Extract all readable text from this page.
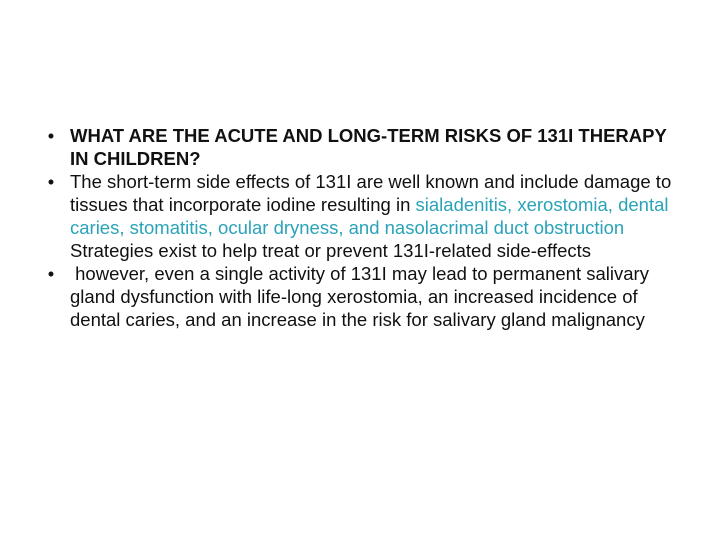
• WHAT ARE THE ACUTE AND LONG-TERM RISKS OF 131I THERAPY IN CHILDREN?
• The short-term side effects of 131I are well known and include damage to tissues that incorporate iodine resulting in sialadenitis, xerostomia, dental caries, stomatitis, ocular dryness, and nasolacrimal duct obstruction Strategies exist to help treat or prevent 131I-related side-effects
• however, even a single activity of 131I may lead to permanent salivary gland dysfunction with life-long xerostomia, an increased incidence of dental caries, and an increase in the risk for salivary gland malignancy
